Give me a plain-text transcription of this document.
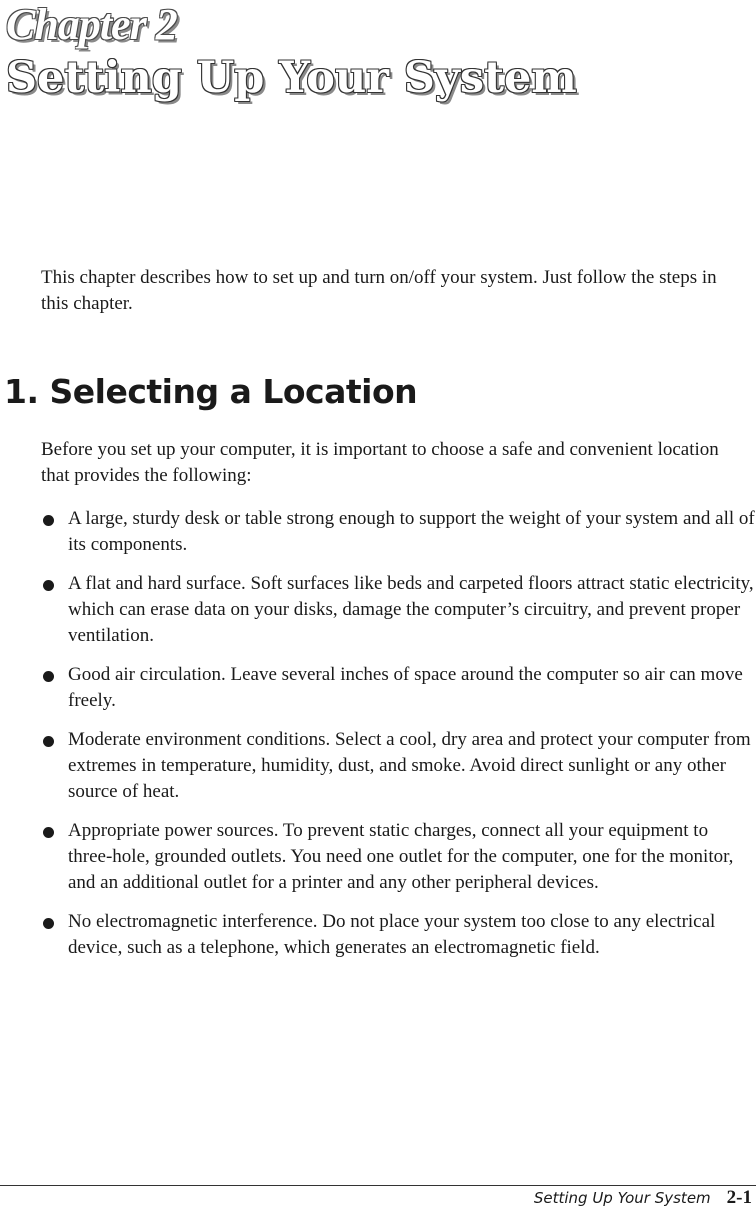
Chapter 2
Setting Up Your System

This chapter describes how to set up and turn on/off your system. Just follow the steps in this chapter.

1. Selecting a Location

Before you set up your computer, it is important to choose a safe and convenient location that provides the following:

A large, sturdy desk or table strong enough to support the weight of your system and all of its components.
A flat and hard surface. Soft surfaces like beds and carpeted floors attract static electricity, which can erase data on your disks, damage the computer’s circuitry, and prevent proper ventilation.
Good air circulation. Leave several inches of space around the computer so air can move freely.
Moderate environment conditions. Select a cool, dry area and protect your computer from extremes in temperature, humidity, dust, and smoke. Avoid direct sunlight or any other source of heat.
Appropriate power sources. To prevent static charges, connect all your equipment to three-hole, grounded outlets. You need one outlet for the computer, one for the monitor, and an additional outlet for a printer and any other peripheral devices.
No electromagnetic interference. Do not place your system too close to any electrical device, such as a telephone, which generates an electromagnetic field.
Setting Up Your System 2-1
